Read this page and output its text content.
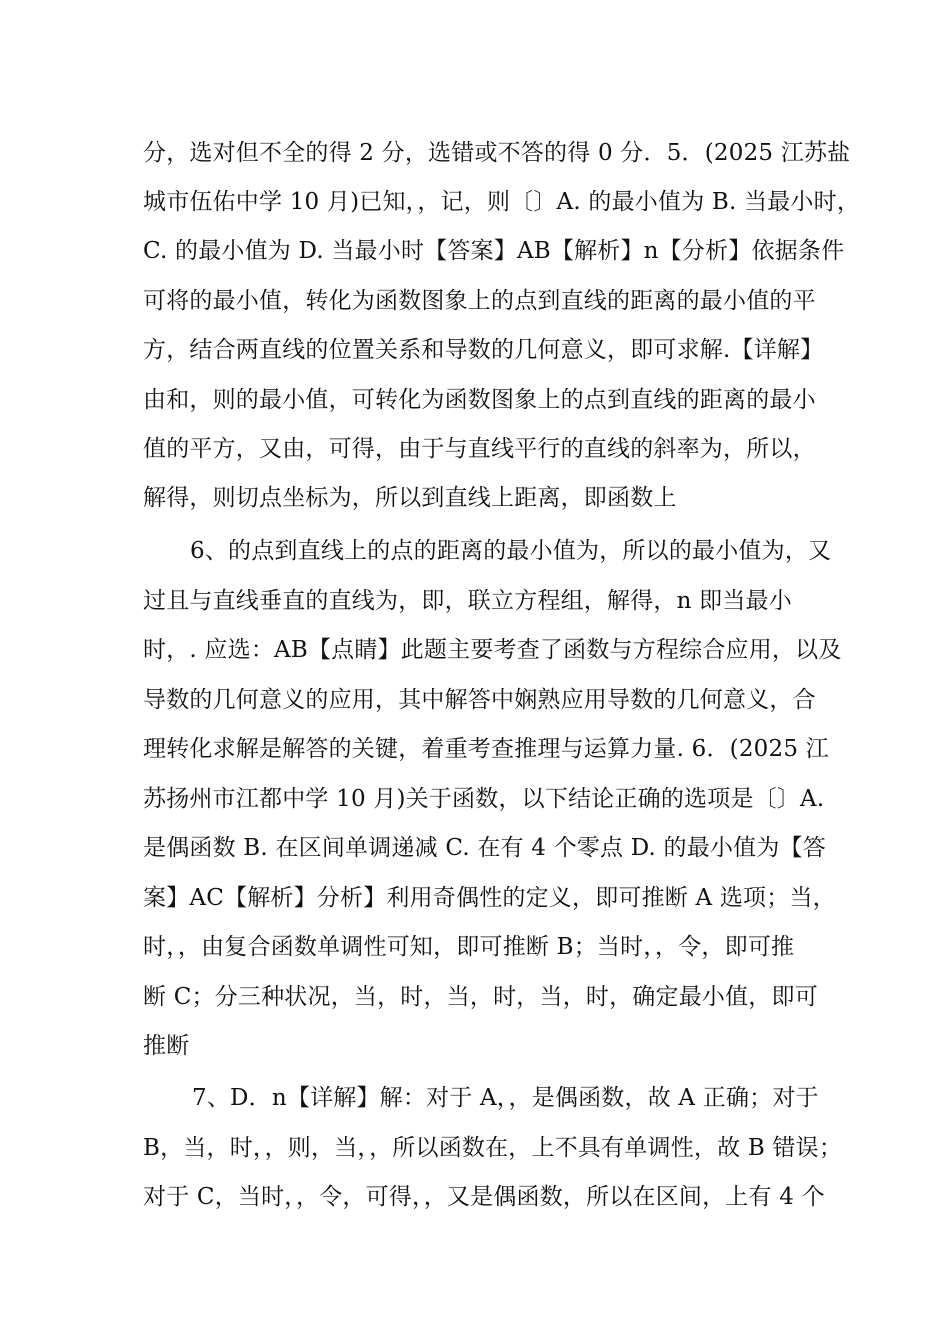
分，选对但不全的得 2 分，选错或不答的得 0 分．5．(2025 江苏盐
城市伍佑中学 10 月)已知，，记，则〔〕A. 的最小值为 B. 当最小时，
C. 的最小值为 D. 当最小时【答案】AB【解析】n【分析】依据条件
可将的最小值，转化为函数图象上的点到直线的距离的最小值的平
方，结合两直线的位置关系和导数的几何意义，即可求解.【详解】
由和，则的最小值，可转化为函数图象上的点到直线的距离的最小
值的平方，又由，可得，由于与直线平行的直线的斜率为，所以，
解得，则切点坐标为，所以到直线上距离，即函数上
6、的点到直线上的点的距离的最小值为，所以的最小值为，又
过且与直线垂直的直线为，即，联立方程组，解得，n 即当最小
时，. 应选：AB【点睛】此题主要考查了函数与方程综合应用，以及
导数的几何意义的应用，其中解答中娴熟应用导数的几何意义，合
理转化求解是解答的关键，着重考查推理与运算力量. 6．(2025 江
苏扬州市江都中学 10 月)关于函数，以下结论正确的选项是〔〕A.
是偶函数 B. 在区间单调递减 C. 在有 4 个零点 D. 的最小值为【答
案】AC【解析】分析】利用奇偶性的定义，即可推断 A 选项；当，
时，，由复合函数单调性可知，即可推断 B；当时，，令，即可推
断 C；分三种状况，当，时，当，时，当，时，确定最小值，即可
推断
7、D．n【详解】解：对于 A，，是偶函数，故 A 正确；对于
B，当，时，，则，当，，所以函数在，上不具有单调性，故 B 错误；
对于 C，当时，，令，可得，，又是偶函数，所以在区间，上有 4 个
